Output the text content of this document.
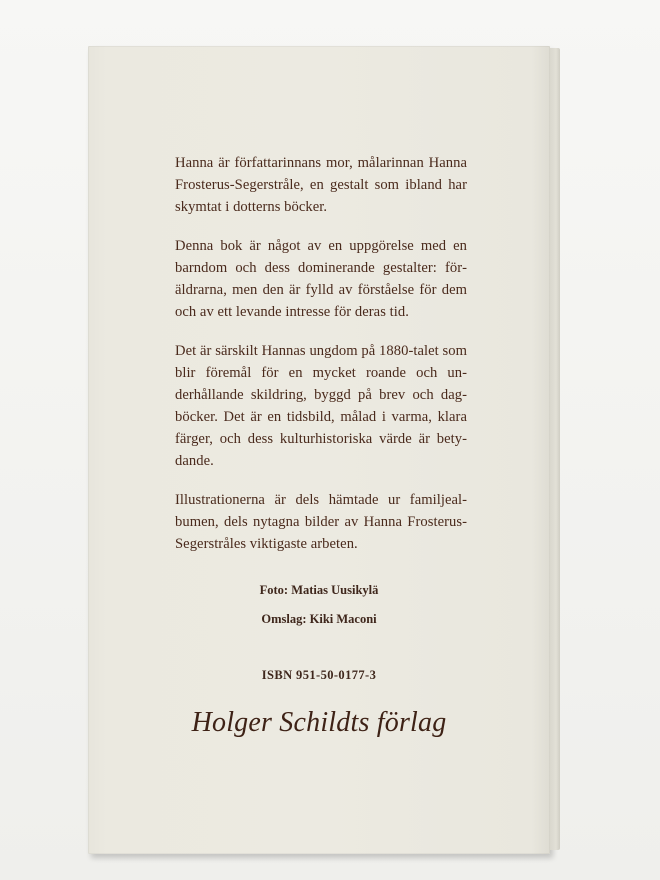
Hanna är författarinnans mor, målarinnan Hanna Frosterus-Segerstråle, en gestalt som ibland har skymtat i dotterns böcker.

Denna bok är något av en uppgörelse med en barndom och dess dominerande gestalter: föräldrarna, men den är fylld av förståelse för dem och av ett levande intresse för deras tid.

Det är särskilt Hannas ungdom på 1880-talet som blir föremål för en mycket roande och underhållande skildring, byggd på brev och dagböcker. Det är en tidsbild, målad i varma, klara färger, och dess kulturhistoriska värde är betydande.

Illustrationerna är dels hämtade ur familjealbumen, dels nytagna bilder av Hanna Frosterus-Segerstråles viktigaste arbeten.

Foto: Matias Uusikylä
Omslag: Kiki Maconi
ISBN 951-50-0177-3
Holger Schildts förlag
